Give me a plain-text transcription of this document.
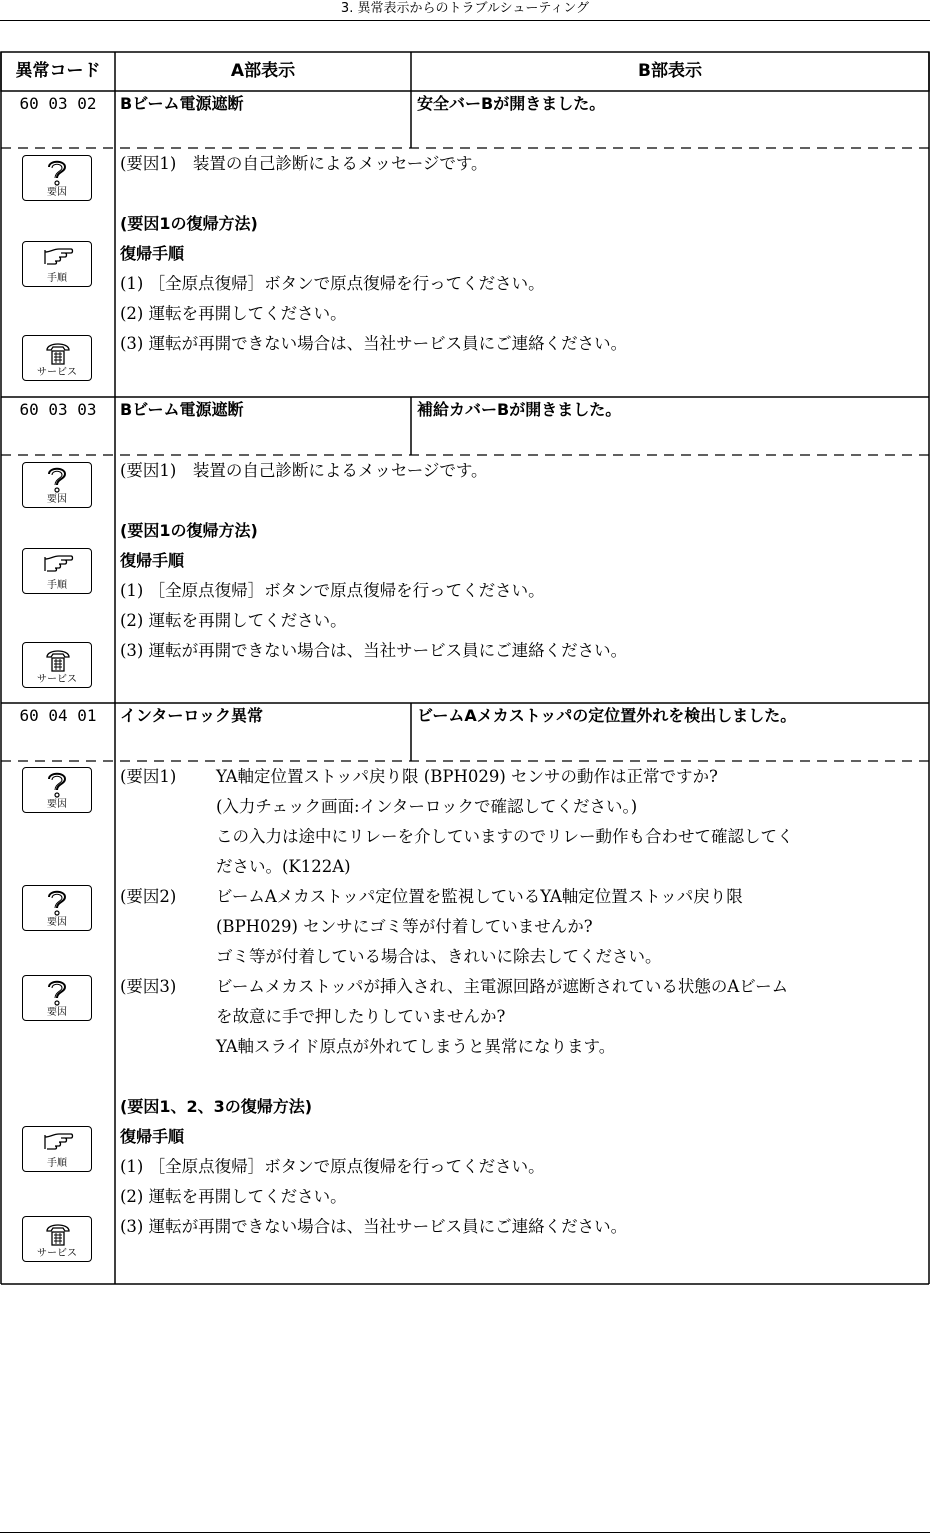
3. 異常表示からのトラブルシューティング
異常コード	A部表示	B部表示
60 03 02	Bビーム電源遮断	安全バーBが開きました。
要因
(要因1)　装置の自己診断によるメッセージです。
(要因1の復帰方法)
復帰手順
(1) ［全原点復帰］ボタンで原点復帰を行ってください。
(2) 運転を再開してください。
(3) 運転が再開できない場合は、当社サービス員にご連絡ください。
手順
サービス
60 03 03	Bビーム電源遮断	補給カバーBが開きました。
要因
(要因1)　装置の自己診断によるメッセージです。
(要因1の復帰方法)
復帰手順
(1) ［全原点復帰］ボタンで原点復帰を行ってください。
(2) 運転を再開してください。
(3) 運転が再開できない場合は、当社サービス員にご連絡ください。
手順
サービス
60 04 01	インターロック異常	ビームAメカストッパの定位置外れを検出しました。
要因
要因
要因
(要因1) YA軸定位置ストッパ戻り限 (BPH029) センサの動作は正常ですか?
(入力チェック画面:インターロックで確認してください。)
この入力は途中にリレーを介していますのでリレー動作も合わせて確認してく
ださい。(K122A)
(要因2) ビームAメカストッパ定位置を監視しているYA軸定位置ストッパ戻り限
(BPH029) センサにゴミ等が付着していませんか?
ゴミ等が付着している場合は、きれいに除去してください。
(要因3) ビームメカストッパが挿入され、主電源回路が遮断されている状態のAビーム
を故意に手で押したりしていませんか?
YA軸スライド原点が外れてしまうと異常になります。
(要因1、2、3の復帰方法)
復帰手順
(1) ［全原点復帰］ボタンで原点復帰を行ってください。
(2) 運転を再開してください。
(3) 運転が再開できない場合は、当社サービス員にご連絡ください。
手順
サービス
